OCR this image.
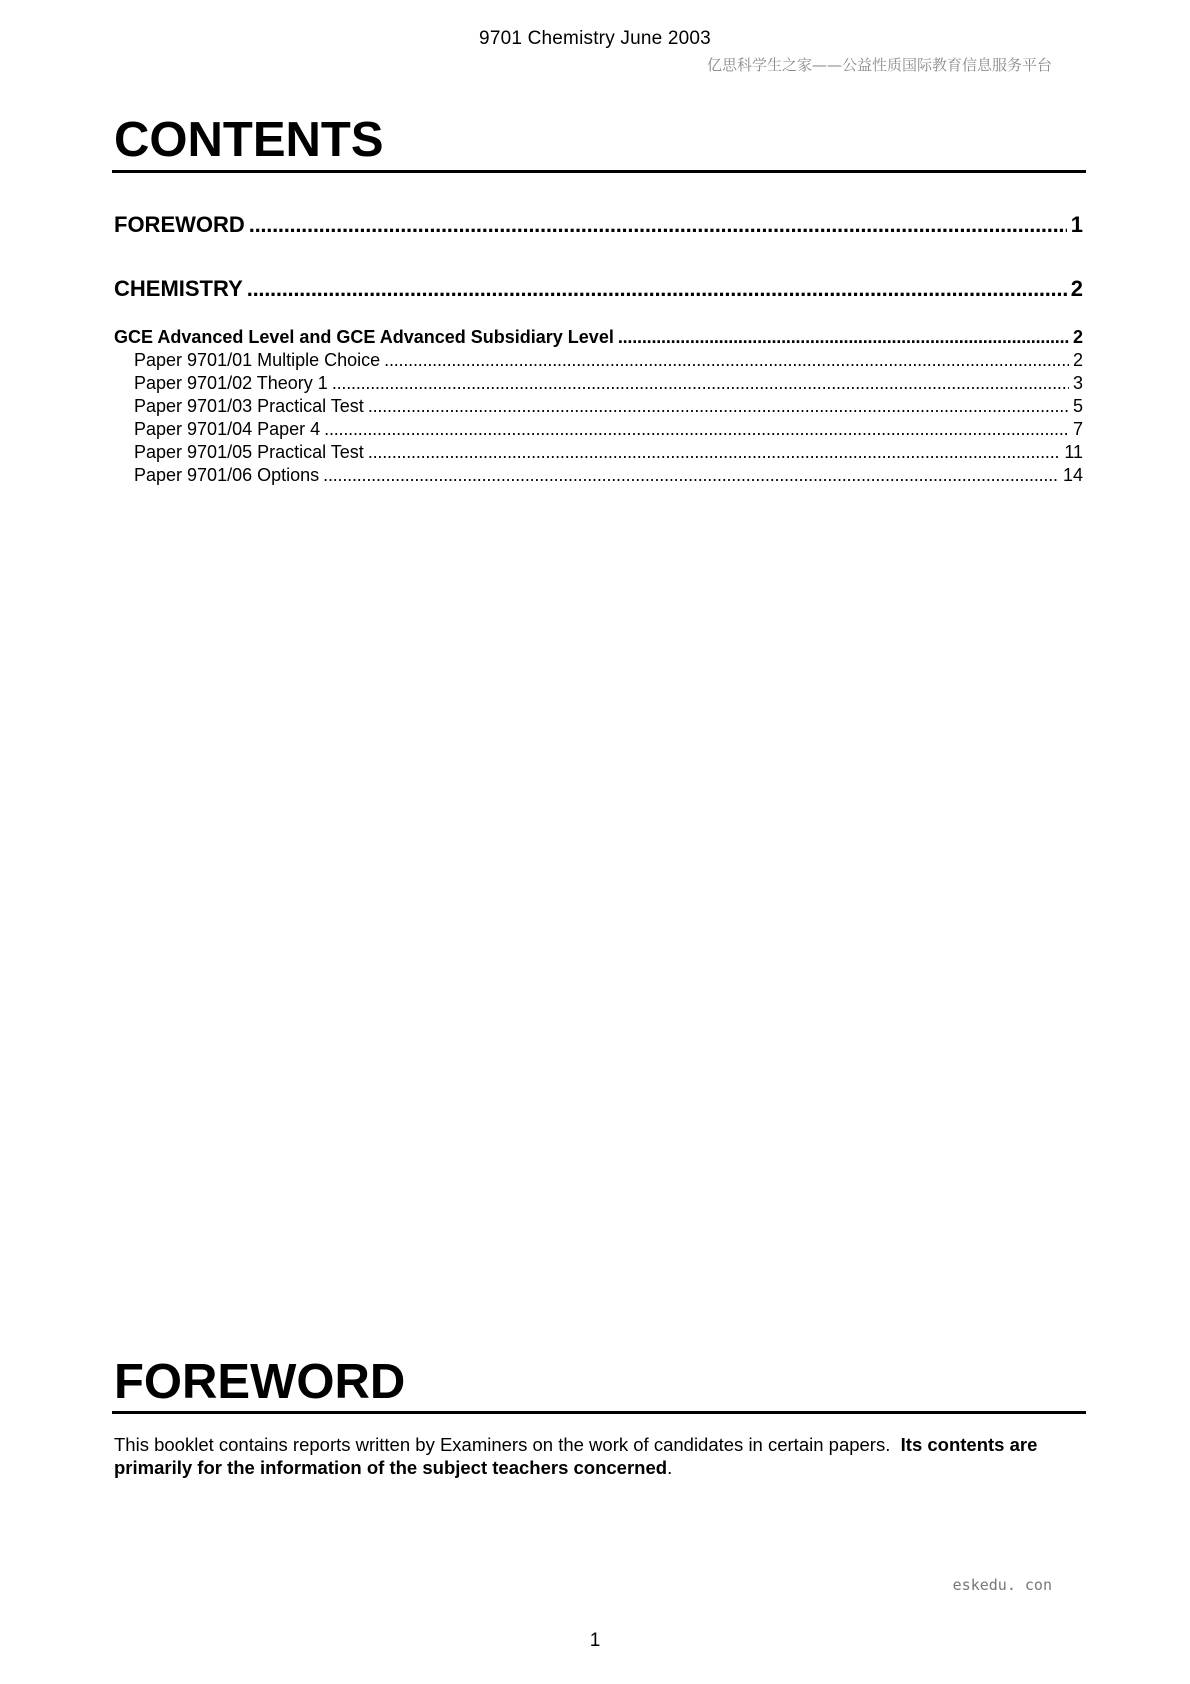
9701 Chemistry June 2003
亿思科学生之家——公益性质国际教育信息服务平台
CONTENTS
FOREWORD . . .	1
CHEMISTRY . . .	2
GCE Advanced Level and GCE Advanced Subsidiary Level . . .	2
Paper 9701/01 Multiple Choice . . .	2
Paper 9701/02 Theory 1 . . .	3
Paper 9701/03 Practical Test . . .	5
Paper 9701/04 Paper 4 . . .	7
Paper 9701/05 Practical Test . . .	11
Paper 9701/06 Options . . .	14
FOREWORD

This booklet contains reports written by Examiners on the work of candidates in certain papers. Its contents are primarily for the information of the subject teachers concerned.

eskedu. con
1
